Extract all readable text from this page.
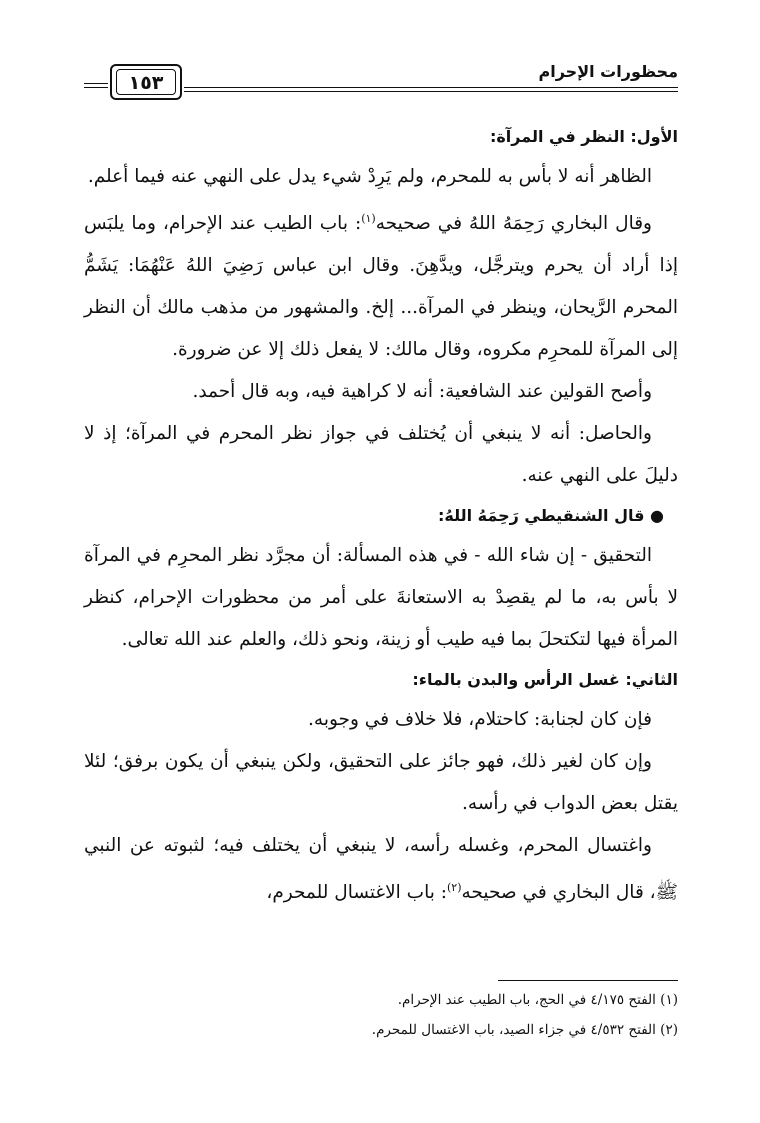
محظورات الإحرام
١٥٣

الأول: النظر في المرآة:

الظاهر أنه لا بأس به للمحرم، ولم يَرِدْ شيء يدل على النهي عنه فيما أعلم.

وقال البخاري رَحِمَهُ اللهُ في صحيحه$^{(١)}$: باب الطيب عند الإحرام، وما يلبَس إذا أراد أن يحرم ويترجَّل، ويدَّهِنَ. وقال ابن عباس رَضِيَ اللهُ عَنْهُمَا: يَشَمُّ المحرم الرَّيحان، وينظر في المرآة... إلخ. والمشهور من مذهب مالك أن النظر إلى المرآة للمحرِم مكروه، وقال مالك: لا يفعل ذلك إلا عن ضرورة.

وأصح القولين عند الشافعية: أنه لا كراهية فيه، وبه قال أحمد.

والحاصل: أنه لا ينبغي أن يُختلف في جواز نظر المحرم في المرآة؛ إذ لا دليلَ على النهي عنه.

● قال الشنقيطي رَحِمَهُ اللهُ:

التحقيق - إن شاء الله - في هذه المسألة: أن مجرَّد نظر المحرِم في المرآة لا بأس به، ما لم يقصِدْ به الاستعانةَ على أمر من محظورات الإحرام، كنظر المرأة فيها لتكتحلَ بما فيه طيب أو زينة، ونحو ذلك، والعلم عند الله تعالى.

الثاني: غسل الرأس والبدن بالماء:

فإن كان لجنابة: كاحتلام، فلا خلاف في وجوبه.

وإن كان لغير ذلك، فهو جائز على التحقيق، ولكن ينبغي أن يكون برفق؛ لئلا يقتل بعض الدواب في رأسه.

واغتسال المحرم، وغسله رأسه، لا ينبغي أن يختلف فيه؛ لثبوته عن النبي ﷺ، قال البخاري في صحيحه$^{(٢)}$: باب الاغتسال للمحرم،

(١) الفتح ٤/١٧٥ في الحج، باب الطيب عند الإحرام.

(٢) الفتح ٤/٥٣٢ في جزاء الصيد، باب الاغتسال للمحرم.
